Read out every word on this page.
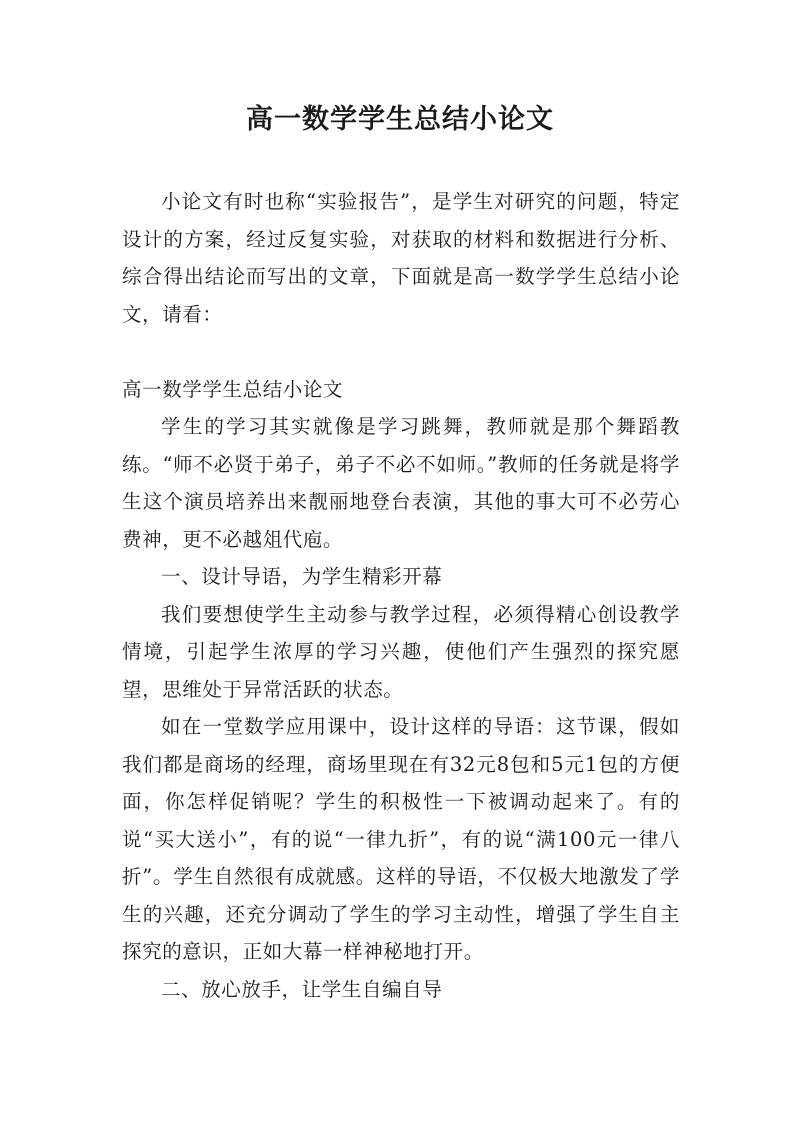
高一数学学生总结小论文

小论文有时也称“实验报告”，是学生对研究的问题，特定设计的方案，经过反复实验，对获取的材料和数据进行分析、综合得出结论而写出的文章，下面就是高一数学学生总结小论文，请看：

高一数学学生总结小论文

学生的学习其实就像是学习跳舞，教师就是那个舞蹈教练。“师不必贤于弟子，弟子不必不如师。”教师的任务就是将学生这个演员培养出来靓丽地登台表演，其他的事大可不必劳心费神，更不必越俎代庖。

一、设计导语，为学生精彩开幕

我们要想使学生主动参与教学过程，必须得精心创设教学情境，引起学生浓厚的学习兴趣，使他们产生强烈的探究愿望，思维处于异常活跃的状态。

如在一堂数学应用课中，设计这样的导语：这节课，假如我们都是商场的经理，商场里现在有32元8包和5元1包的方便面，你怎样促销呢？学生的积极性一下被调动起来了。有的说“买大送小”，有的说“一律九折”，有的说“满100元一律八折”。学生自然很有成就感。这样的导语，不仅极大地激发了学生的兴趣，还充分调动了学生的学习主动性，增强了学生自主探究的意识，正如大幕一样神秘地打开。

二、放心放手，让学生自编自导
